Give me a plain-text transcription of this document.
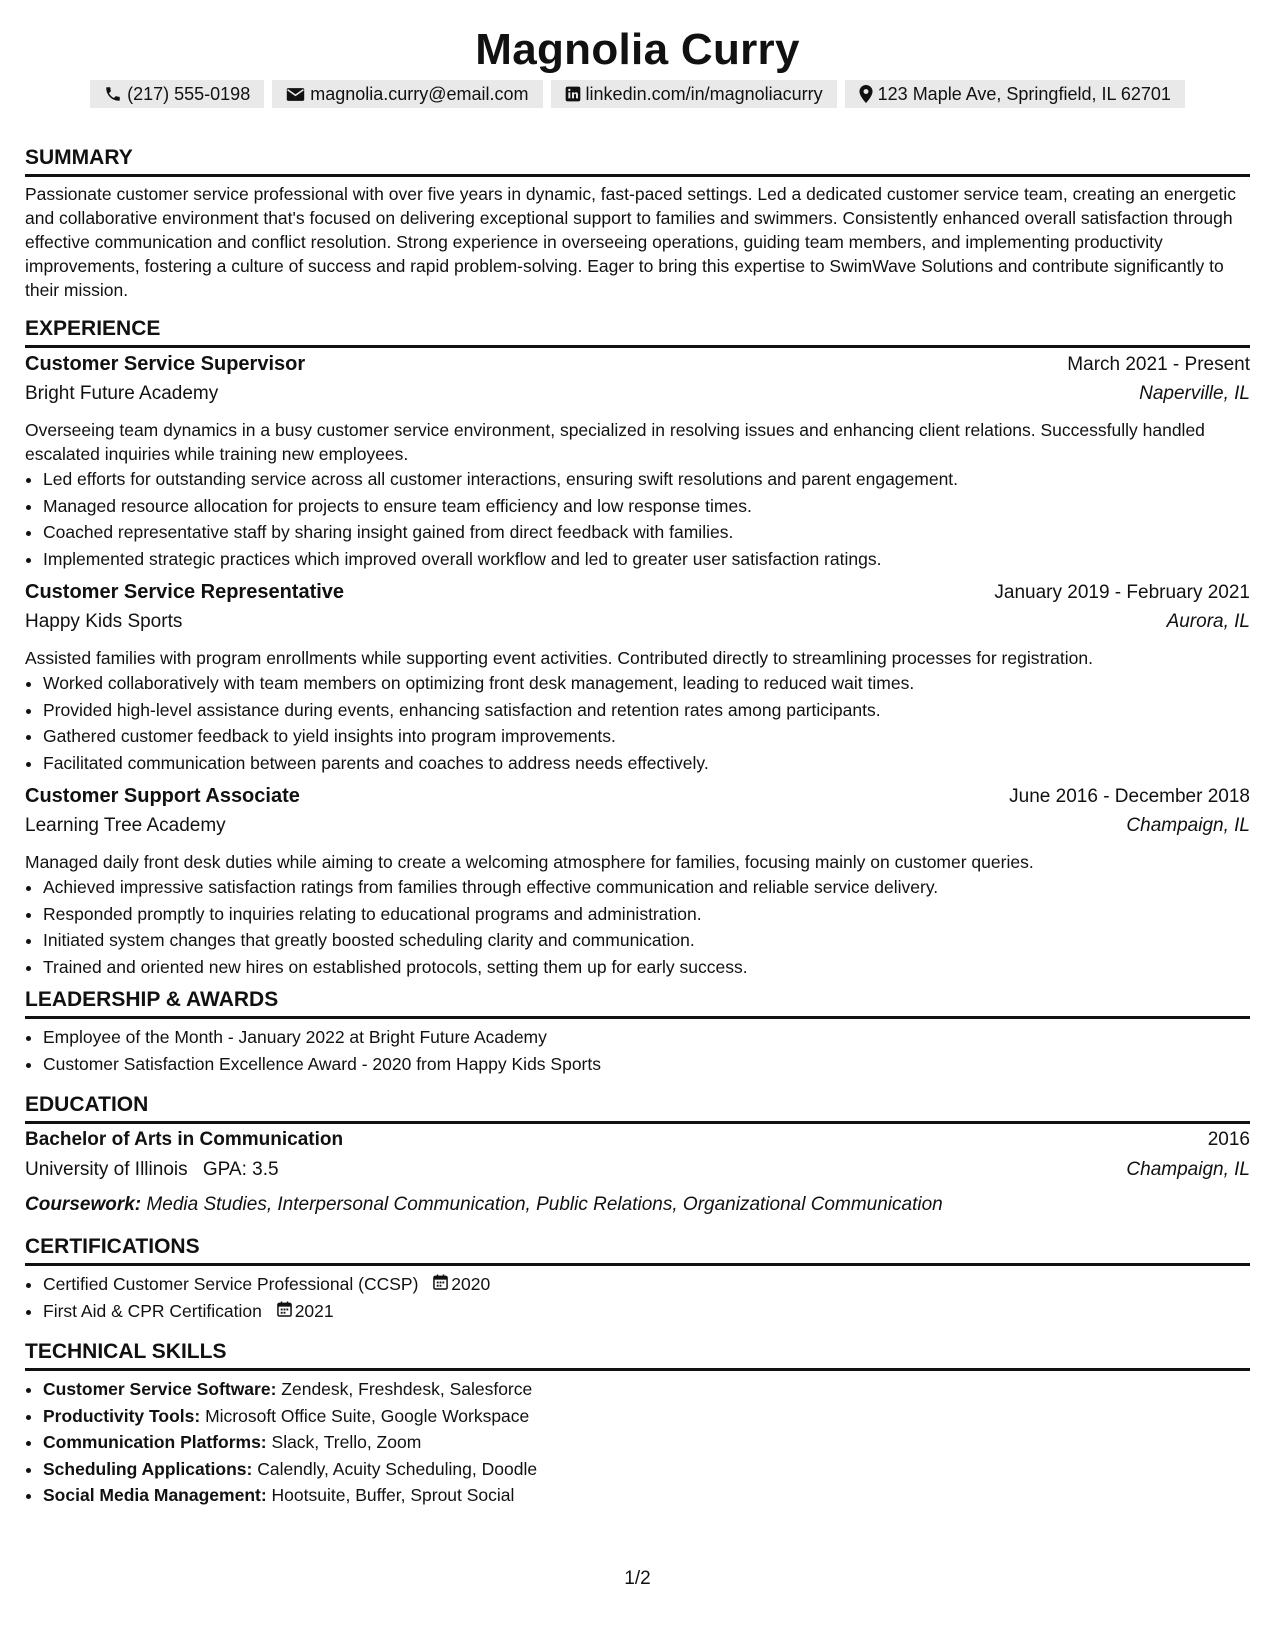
Magnolia Curry
(217) 555-0198	magnolia.curry@email.com	linkedin.com/in/magnoliacurry	123 Maple Ave, Springfield, IL 62701
SUMMARY

Passionate customer service professional with over five years in dynamic, fast-paced settings. Led a dedicated customer service team, creating an energetic and collaborative environment that's focused on delivering exceptional support to families and swimmers. Consistently enhanced overall satisfaction through effective communication and conflict resolution. Strong experience in overseeing operations, guiding team members, and implementing productivity improvements, fostering a culture of success and rapid problem-solving. Eager to bring this expertise to SwimWave Solutions and contribute significantly to their mission.

EXPERIENCE
Customer Service Supervisor	March 2021 - Present
Bright Future Academy	Naperville, IL

Overseeing team dynamics in a busy customer service environment, specialized in resolving issues and enhancing client relations. Successfully handled escalated inquiries while training new employees.

• Led efforts for outstanding service across all customer interactions, ensuring swift resolutions and parent engagement.
• Managed resource allocation for projects to ensure team efficiency and low response times.
• Coached representative staff by sharing insight gained from direct feedback with families.
• Implemented strategic practices which improved overall workflow and led to greater user satisfaction ratings.
Customer Service Representative	January 2019 - February 2021
Happy Kids Sports	Aurora, IL

Assisted families with program enrollments while supporting event activities. Contributed directly to streamlining processes for registration.

• Worked collaboratively with team members on optimizing front desk management, leading to reduced wait times.
• Provided high-level assistance during events, enhancing satisfaction and retention rates among participants.
• Gathered customer feedback to yield insights into program improvements.
• Facilitated communication between parents and coaches to address needs effectively.
Customer Support Associate	June 2016 - December 2018
Learning Tree Academy	Champaign, IL

Managed daily front desk duties while aiming to create a welcoming atmosphere for families, focusing mainly on customer queries.

• Achieved impressive satisfaction ratings from families through effective communication and reliable service delivery.
• Responded promptly to inquiries relating to educational programs and administration.
• Initiated system changes that greatly boosted scheduling clarity and communication.
• Trained and oriented new hires on established protocols, setting them up for early success.
LEADERSHIP & AWARDS
• Employee of the Month - January 2022 at Bright Future Academy
• Customer Satisfaction Excellence Award - 2020 from Happy Kids Sports
EDUCATION
Bachelor of Arts in Communication	2016
University of Illinois GPA: 3.5	Champaign, IL
Coursework: Media Studies, Interpersonal Communication, Public Relations, Organizational Communication
CERTIFICATIONS
• Certified Customer Service Professional (CCSP) 2020
• First Aid & CPR Certification 2021
TECHNICAL SKILLS
• Customer Service Software: Zendesk, Freshdesk, Salesforce
• Productivity Tools: Microsoft Office Suite, Google Workspace
• Communication Platforms: Slack, Trello, Zoom
• Scheduling Applications: Calendly, Acuity Scheduling, Doodle
• Social Media Management: Hootsuite, Buffer, Sprout Social
1/2
